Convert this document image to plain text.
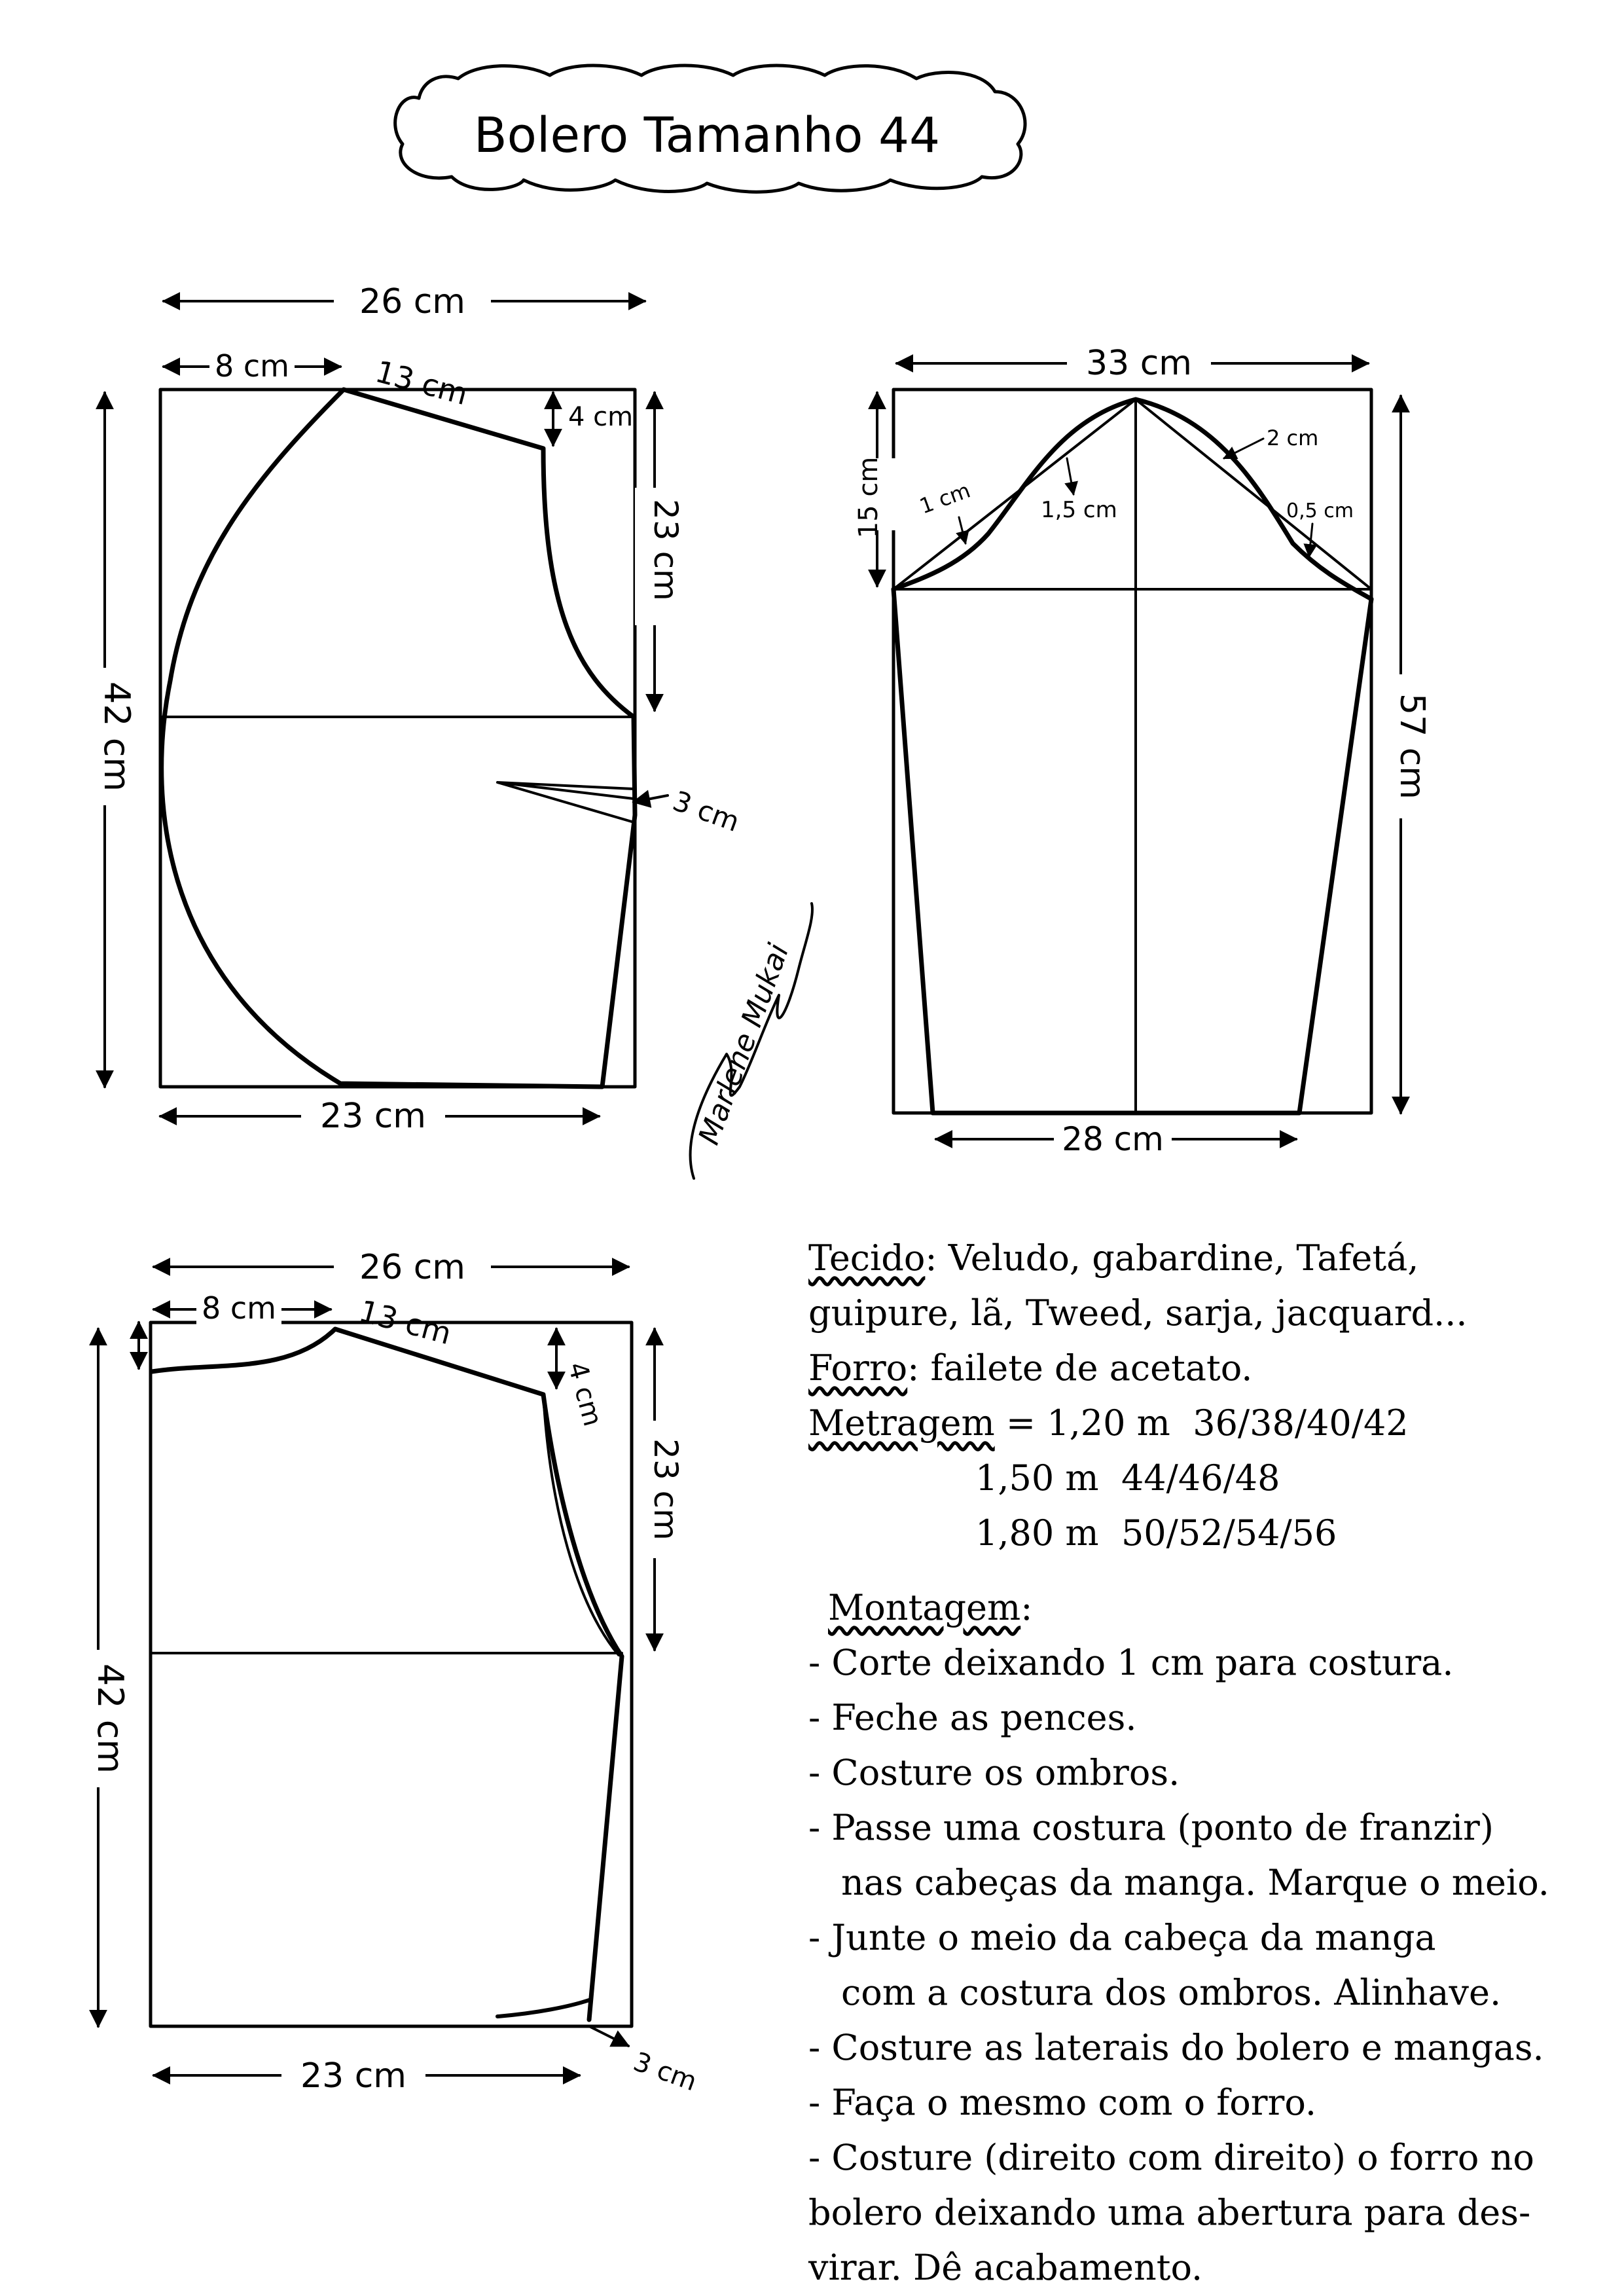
Bolero Tamanho 44
26 cm
8 cm	13 cm
4 cm
23 cm
42 cm
3 cm
23 cm
33 cm
15 cm
57 cm
1 cm	1,5 cm
2 cm
0,5 cm
28 cm
Marlene Mukai
26 cm
8 cm	13 cm
4 cm
23 cm
42 cm
23 cm	3 cm
Tecido: Veludo, gabardine, Tafetá,
guipure, lã, Tweed, sarja, jacquard...
Forro: failete de acetato.
Metragem = 1,20 m 36/38/40/42
1,50 m 44/46/48
1,80 m 50/52/54/56
Montagem:
- Corte deixando 1 cm para costura.
- Feche as pences.
- Costure os ombros.
- Passe uma costura (ponto de franzir)
nas cabeças da manga. Marque o meio.
- Junte o meio da cabeça da manga
com a costura dos ombros. Alinhave.
- Costure as laterais do bolero e mangas.
- Faça o mesmo com o forro.
- Costure (direito com direito) o forro no
bolero deixando uma abertura para des-
virar. Dê acabamento.
